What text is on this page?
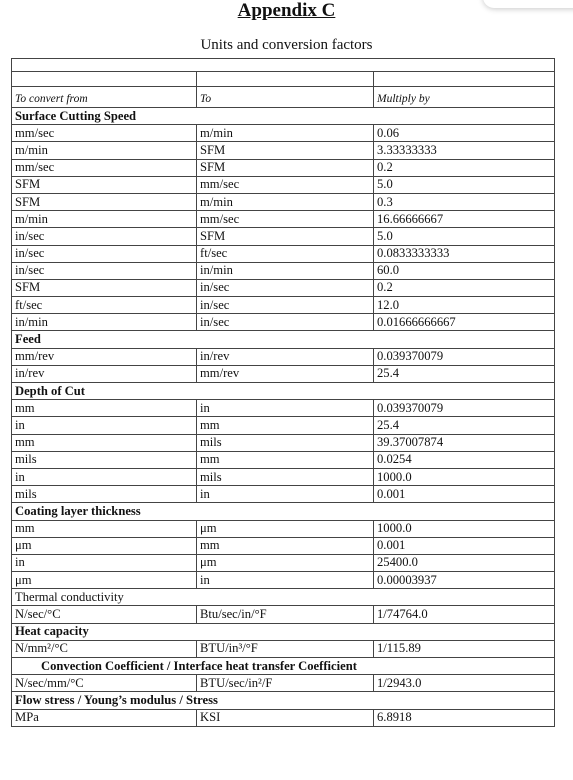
Appendix C
Units and conversion factors

To convert from	To	Multiply by
Surface Cutting Speed		
mm/sec	m/min	0.06
m/min	SFM	3.33333333
mm/sec	SFM	0.2
SFM	mm/sec	5.0
SFM	m/min	0.3
m/min	mm/sec	16.66666667
in/sec	SFM	5.0
in/sec	ft/sec	0.0833333333
in/sec	in/min	60.0
SFM	in/sec	0.2
ft/sec	in/sec	12.0
in/min	in/sec	0.01666666667
Feed		
mm/rev	in/rev	0.039370079
in/rev	mm/rev	25.4
Depth of Cut		
mm	in	0.039370079
in	mm	25.4
mm	mils	39.37007874
mils	mm	0.0254
in	mils	1000.0
mils	in	0.001
Coating layer thickness		
mm	μm	1000.0
μm	mm	0.001
in	μm	25400.0
μm	in	0.00003937
Thermal conductivity		
N/sec/°C	Btu/sec/in/°F	1/74764.0
Heat capacity		
N/mm²/°C	BTU/in³/°F	1/115.89
Convection Coefficient / Interface heat transfer Coefficient		
N/sec/mm/°C	BTU/sec/in²/F	1/2943.0
Flow stress / Young’s modulus / Stress		
MPa	KSI	6.8918
